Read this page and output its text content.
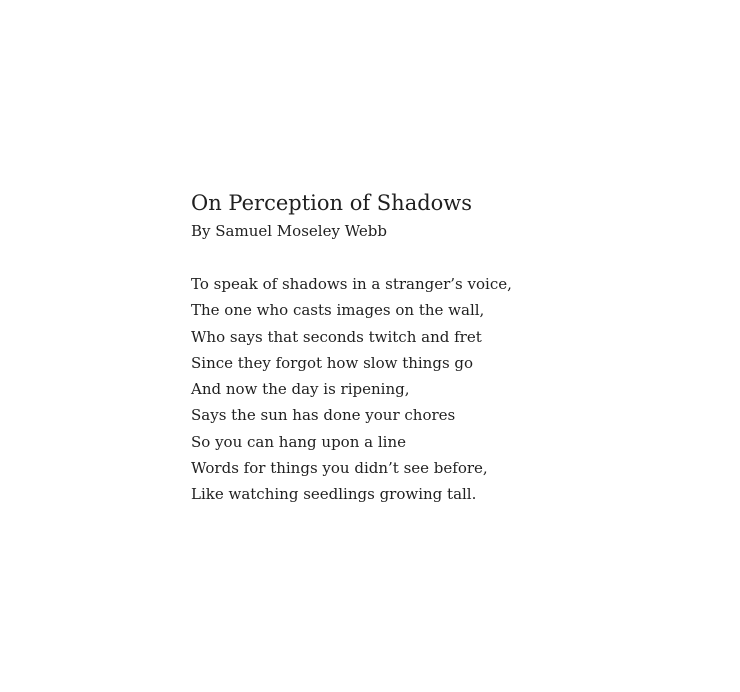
On Perception of Shadows

By Samuel Moseley Webb

To speak of shadows in a stranger’s voice,
The one who casts images on the wall,
Who says that seconds twitch and fret
Since they forgot how slow things go
And now the day is ripening,
Says the sun has done your chores
So you can hang upon a line
Words for things you didn’t see before,
Like watching seedlings growing tall.
